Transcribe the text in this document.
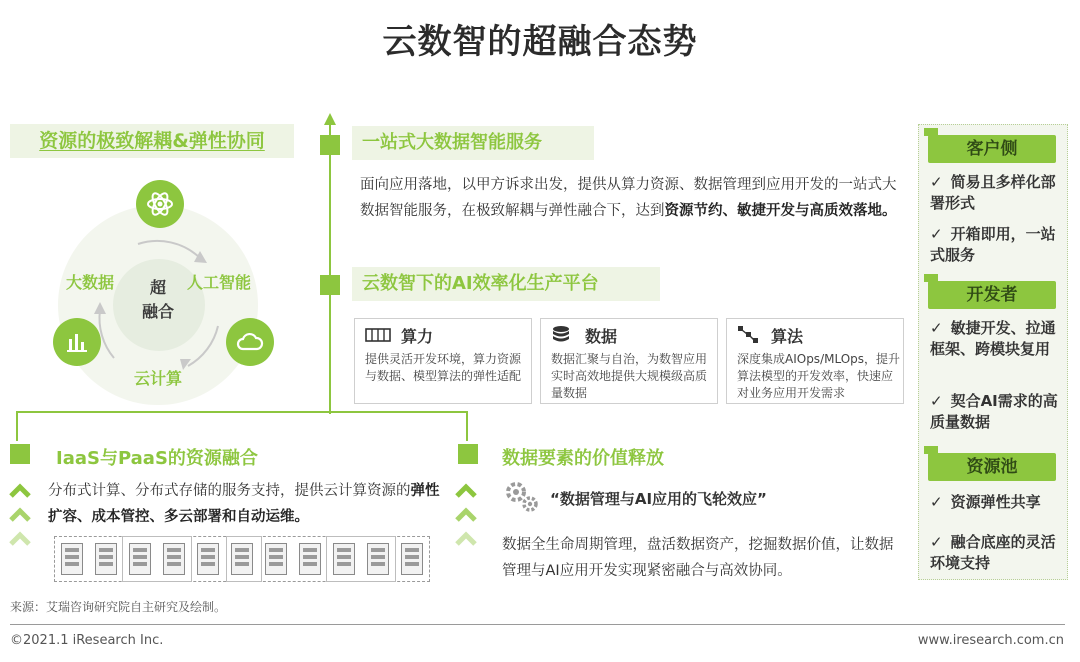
云数智的超融合态势
资源的极致解耦&弹性协同
超
融合
大数据	人工智能
云计算
一站式大数据智能服务
面向应用落地，以甲方诉求出发，提供从算力资源、数据管理到应用开发的一站式大数据智能服务，在极致解耦与弹性融合下，达到资源节约、敏捷开发与高质效落地。
云数智下的AI效率化生产平台
算力
提供灵活开发环境，算力资源与数据、模型算法的弹性适配
数据
数据汇聚与自治，为数智应用实时高效地提供大规模级高质量数据
算法
深度集成AIOps/MLOps，提升算法模型的开发效率，快速应对业务应用开发需求
IaaS与PaaS的资源融合
分布式计算、分布式存储的服务支持，提供云计算资源的弹性扩容、成本管控、多云部署和自动运维。
数据要素的价值释放
“数据管理与AI应用的飞轮效应”
数据全生命周期管理，盘活数据资产，挖掘数据价值，让数据管理与AI应用开发实现紧密融合与高效协同。
客户侧
✓ 简易且多样化部署形式
✓ 开箱即用，一站式服务
开发者
✓ 敏捷开发、拉通框架、跨模块复用
✓ 契合AI需求的高质量数据
资源池
✓ 资源弹性共享
✓ 融合底座的灵活环境支持
来源：艾瑞咨询研究院自主研究及绘制。
©2021.1 iResearch Inc.	www.iresearch.com.cn
